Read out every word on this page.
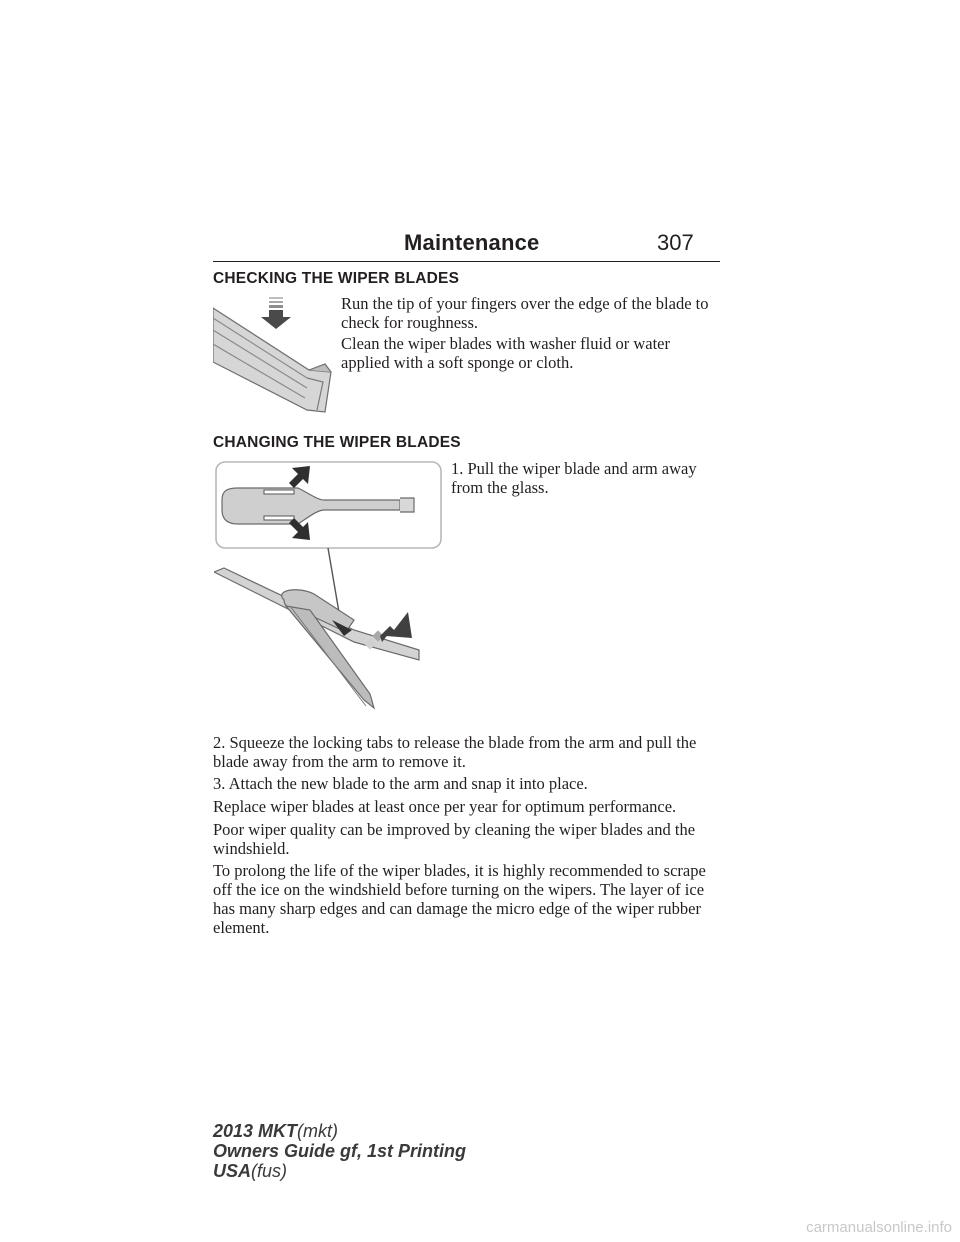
Maintenance	307
CHECKING THE WIPER BLADES
Run the tip of your fingers over the edge of the blade to check for roughness.
Clean the wiper blades with washer fluid or water applied with a soft sponge or cloth.
CHANGING THE WIPER BLADES
1. Pull the wiper blade and arm away from the glass.
2. Squeeze the locking tabs to release the blade from the arm and pull the blade away from the arm to remove it.
3. Attach the new blade to the arm and snap it into place.
Replace wiper blades at least once per year for optimum performance.
Poor wiper quality can be improved by cleaning the wiper blades and the windshield.
To prolong the life of the wiper blades, it is highly recommended to scrape off the ice on the windshield before turning on the wipers. The layer of ice has many sharp edges and can damage the micro edge of the wiper rubber element.
2013 MKT(mkt)
Owners Guide gf, 1st Printing
USA(fus)
carmanualsonline.info
